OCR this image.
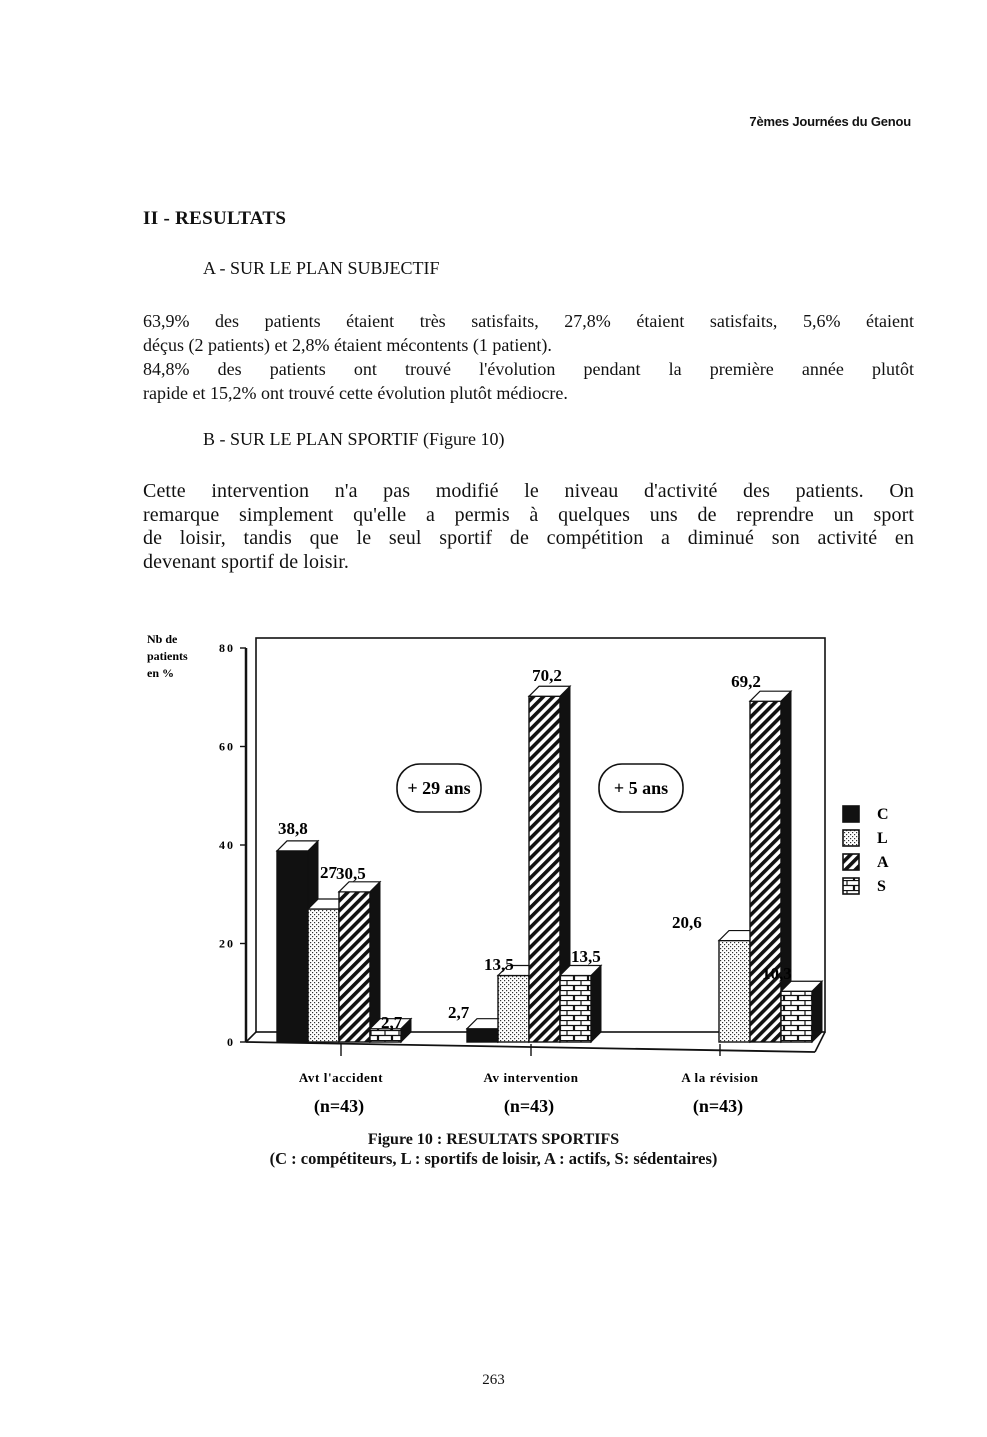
7èmes Journées du Genou
II - RESULTATS
A - SUR LE PLAN SUBJECTIF

63,9% des patients étaient très satisfaits, 27,8% étaient satisfaits, 5,6% étaient
déçus (2 patients) et 2,8% étaient mécontents (1 patient).
84,8% des patients ont trouvé l'évolution pendant la première année plutôt
rapide et 15,2% ont trouvé cette évolution plutôt médiocre.

B - SUR LE PLAN SPORTIF (Figure 10)

Cette intervention n'a pas modifié le niveau d'activité des patients. On
remarque simplement qu'elle a permis à quelques uns de reprendre un sport
de loisir, tandis que le seul sportif de compétition a diminué son activité en
devenant sportif de loisir.

0
20
40
60
80
Nb de patients en %
38,8
27 30,5
2,7
Avt l'accident
(n=43)
2,7
13,5
70,2
13,5
Av intervention
(n=43)
20,6
69,2
10,3
A la révision
(n=43)
+ 29 ans	+ 5 ans
C
L
A
S
Figure 10 : RESULTATS SPORTIFS
(C : compétiteurs, L : sportifs de loisir, A : actifs, S: sédentaires)
263
